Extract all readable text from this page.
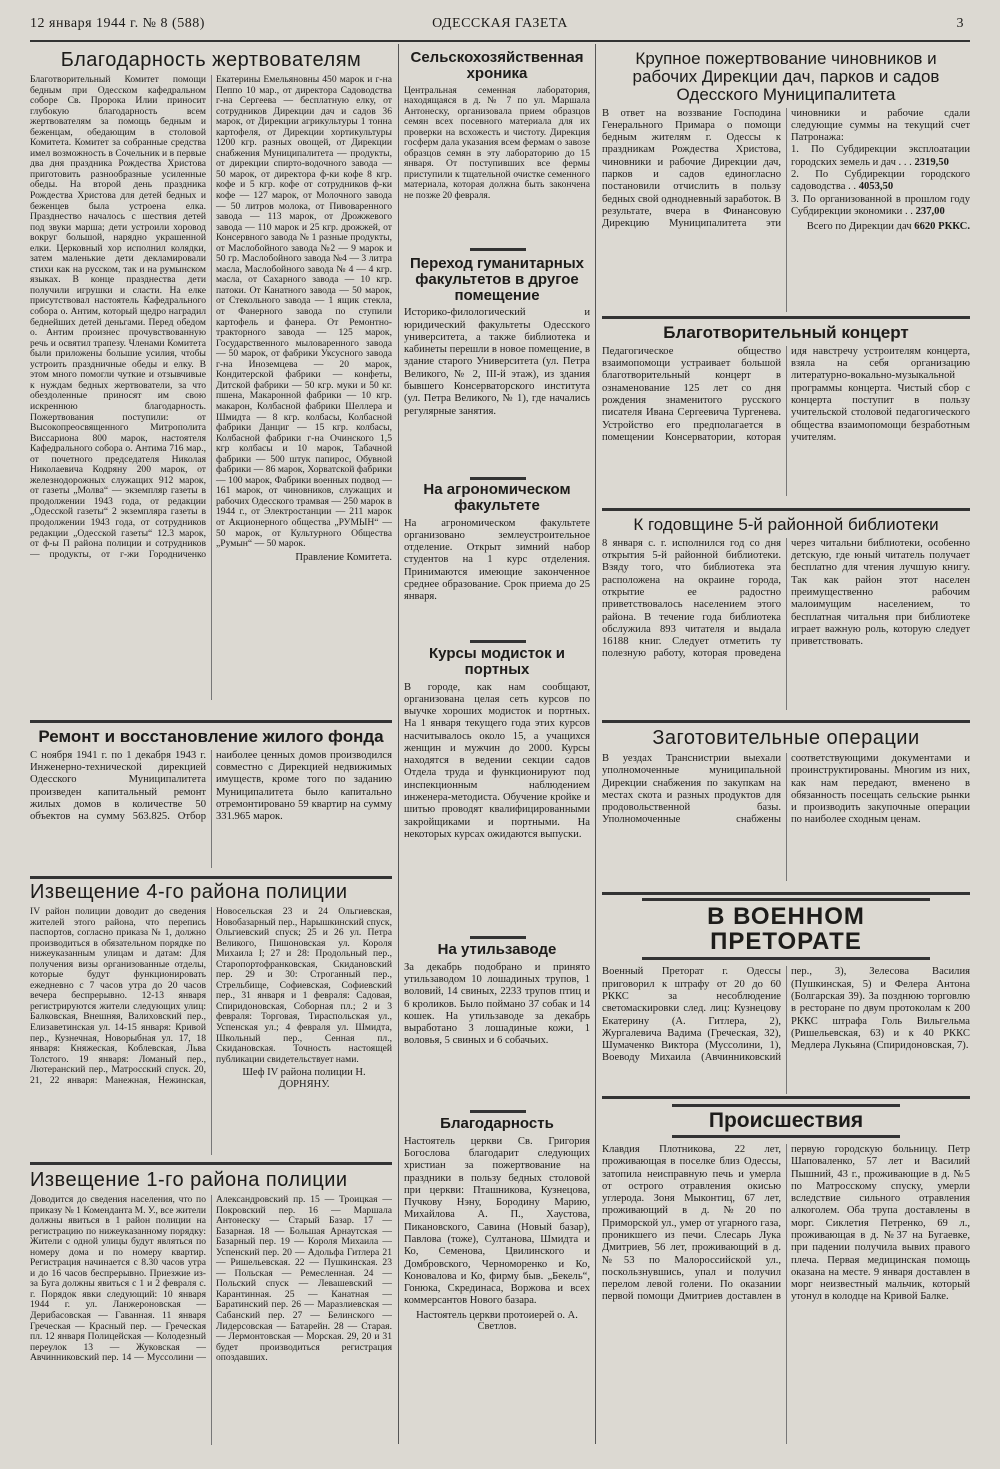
12 января 1944 г. № 8 (588)	ОДЕССКАЯ ГАЗЕТА	3
Благодарность жертвователям
Благотворительный Комитет помощи бедным при Одесском кафедральном соборе Св. Пророка Илии приносит глубокую благодарность всем жертвователям за помощь бедным и беженцам, обедающим в столовой Комитета. Комитет за собранные средства имел возможность в Сочельник и в первые два дня праздника Рождества Христова приготовить разнообразные усиленные обеды. На второй день праздника Рождества Христова для детей бедных и беженцев была устроена елка. Празднество началось с шествия детей под звуки марша; дети устроили хоровод вокруг большой, нарядно украшенной елки. Церковный хор исполнил колядки, затем маленькие дети декламировали стихи как на русском, так и на румынском языках. В конце празднества дети получили игрушки и сласти. На елке присутствовал настоятель Кафедрального собора о. Антим, который щедро наградил беднейших детей деньгами. Перед обедом о. Антим произнес прочувствованную речь и освятил трапезу. Членами Комитета были приложены большие усилия, чтобы устроить праздничные обеды и елку. В этом много помогли чуткие и отзывчивые к нуждам бедных жертвователи, за что обездоленные приносят им свою искреннюю благодарность. Пожертвования поступили: от Высокопреосвященного Митрополита Виссариона 800 марок, настоятеля Кафедрального собора о. Антима 716 мар., от почетного председателя Николая Николаевича Кодряну 200 марок, от железнодорожных служащих 912 марок, от газеты „Молва“ — экземпляр газеты в продолжении 1943 года, от редакции „Одесской газеты“ 2 экземпляра газеты в продолжении 1943 года, от сотрудников редакции „Одесской газеты“ 12.3 марок, от ф-ы П районa полиции и сотрудников — продукты, от г-жи Городниченко Екатерины Емельяновны 450 марок и г-на Пеппо 10 мар., от директора Садоводства г-на Сергеева — бесплатную елку, от сотрудников Дирекции дач и садов 36 марок, от Дирекции агрикультуры 1 тонна картофеля, от Дирекции хортикультуры 1200 кгр. разных овощей, от Дирекции снабжения Муниципалитета — продукты, от дирекции спирто-водочного завода — 50 марок, от директора ф-ки кофе 8 кгр. кофе и 5 кгр. кофе от сотрудников ф-ки кофе — 127 марок, от Молочного завода — 50 литров молока, от Пивоваренного завода — 113 марок, от Дрожжевого завода — 110 марок и 25 кгр. дрожжей, от Консервного завода № 1 разные продукты, от Маслобойного завода №2 — 9 марок и 50 гр. Маслобойного завода №4 — 3 литра масла, Маслобойного завода № 4 — 4 кгр. масла, от Сахарного завода — 10 кгр. патоки. От Канатного завода — 50 марок, от Стекольного завода — 1 ящик стекла, от Фанерного завода по ступили картофель и фанера. От Ремонтно-тракторного завода — 125 марок, Государственного мыловаренного завода — 50 марок, от фабрики Уксусного завода г-на Иноземцева — 20 марок, Кондитерской фабрики — конфеты, Дитской фабрики — 50 кгр. муки и 50 кг. пшена, Макаронной фабрики — 10 кгр. макарон, Колбасной фабрики Шеллера и Шмидта — 8 кгр. колбасы, Колбасной фабрики Данциг — 15 кгр. колбасы, Колбасной фабрики г-на Очинского 1,5 кгр колбасы и 10 марок, Табачной фабрики — 500 штук папирос, Обувной фабрики — 86 марок, Хорватской фабрики — 100 марок, Фабрики военных подвод — 161 марок, от чиновников, служащих и рабочих Одесского трамвая — 250 марок в 1944 г., от Электростанции — 211 марок от Акционерного общества „РУМЫН“ — 50 марок, от Культурного Общества „Румын“ — 50 марок.
Правление Комитета.
Ремонт и восстановление жилого фонда
С ноября 1941 г. по 1 декабря 1943 г. Инженерно-технической дирекцией Одесского Муниципалитета произведен капитальный ремонт жилых домов в количестве 50 объектов на сумму 563.825. Отбор наиболее ценных домов производился совместно с Дирекцией недвижимых имуществ, кроме того по заданию Муниципалитета было капитально отремонтировано 59 квартир на сумму 331.965 марок.
Извещение 4-го района полиции
IV район полиции доводит до сведения жителей этого района, что перепись паспортов, согласно приказа № 1, должно производиться в обязательном порядке по нижеуказанным улицам и датам: Для получения визы организованные отделы, которые будут функционировать ежедневно с 7 часов утра до 20 часов вечера беспрерывно. 12-13 января регистрируются жители следующих улиц: Балковская, Внешняя, Валиховский пер., Елизаветинская ул. 14-15 января: Кривой пер., Кузнечная, Новорыбная ул. 17, 18 января: Княжеская, Коблевская, Льва Толстого. 19 января: Ломаный пер., Лютеранский пер., Матросский спуск. 20, 21, 22 января: Манежная, Нежинская, Новосельская 23 и 24 Ольгиевская, Новобазарный пер., Нарышкинский спуск, Ольгиевский спуск; 25 и 26 ул. Петра Великого, Пишоновская ул. Короля Михаила I; 27 и 28: Продольный пер., Старопортофранковская, Скидановский пер. 29 и 30: Строганный пер., Стрельбище, Софиевская, Софиевский пер., 31 января и 1 февраля: Садовая, Спиридоновская, Соборная пл.; 2 и 3 февраля: Торговая, Тираспольская ул., Успенская ул.; 4 февраля ул. Шмидта, Школьный пер., Сенная пл., Скидановская. Точность настоящей публикации свидетельствует нами.
Шеф IV района полиции Н. ДОРНЯНУ.
Извещение 1-го района полиции
Доводится до сведения населения, что по приказу № 1 Коменданта М. У., все жители должны явиться в 1 район полиции на регистрацию по нижеуказанному порядку: Жители с одной улицы будут являться по номеру дома и по номеру квартир. Регистрация начинается с 8.30 часов утра и до 16 часов беспрерывно. Приезжие из-за Буга должны явиться с 1 и 2 февраля с. г. Порядок явки следующий: 10 января 1944 г. ул. Ланжероновская — Дерибасовская — Гаванная. 11 января Греческая — Красный пер. — Греческая пл. 12 января Полицейская — Колодезный переулок 13 — Жуковская — Авчинниковский пер. 14 — Муссолини — Александровский пр. 15 — Троицкая — Покровский пер. 16 — Маршала Антонеску — Старый Базар. 17 — Базарная. 18 — Большая Арнаутская — Базарный пер. 19 — Короля Михаила — Успенский пер. 20 — Адольфа Гитлера 21 — Ришельевская. 22 — Пушкинская. 23 — Польская — Ремесленная. 24 — Польский спуск — Левашевский — Карантинная. 25 — Канатная — Баратинский пер. 26 — Маразлиевская — Сабанский пер. 27 — Белинского — Лидерсовская — Батарейн. 28 — Старая. — Лермонтовская — Морская. 29, 20 и 31 будет производиться регистрация опоздавших.
Сельскохозяйственная хроника
Центральная семенная лаборатория, находящаяся в д. № 7 по ул. Маршала Антонеску, организовала прием образцов семян всех посевного материала для их проверки на всхожесть и чистоту. Дирекция госферм дала указания всем фермам о завозе образцов семян в эту лабораторию до 15 января. От поступивших все фермы приступили к тщательной очистке семенного материала, которая должна быть закончена не позже 20 февраля.
Переход гуманитарных факультетов в другое помещение
Историко-филологический и юридический факультеты Одесского университета, а также библиотека и кабинеты перешли в новое помещение, в здание старого Университета (ул. Петра Великого, № 2, III-й этаж), из здания бывшего Консерваторского института (ул. Петра Великого, № 1), где начались регулярные занятия.
На агрономическом факультете
На агрономическом факультете организовано землеустроительное отделение. Открыт зимний набор студентов на 1 курс отделения. Принимаются имеющие законченное среднее образование. Срок приема до 25 января.
Курсы модисток и портных
В городе, как нам сообщают, организована целая сеть курсов по выучке хороших модисток и портных. На 1 января текущего года этих курсов насчитывалось около 15, а учащихся женщин и мужчин до 2000. Курсы находятся в ведении секции садов Отдела труда и функционируют под инспекционным наблюдением инженера-методиста. Обучение кройке и шитью проводят квалифицированными закройщиками и портными. На некоторых курсах ожидаются выпуски.
На утильзаводе
За декабрь подобрано и принято утильзаводом 10 лошадиных трупов, 1 воловий, 14 свиных, 2233 трупов птиц и 6 кроликов. Было поймано 37 собак и 14 кошек. На утильзаводе за декабрь выработано 3 лошадиные кожи, 1 воловья, 5 свиных и 6 собачьих.
Благодарность
Настоятель церкви Св. Григория Богослова благодарит следующих христиан за пожертвование на праздники в пользу бедных столовой при церкви: Пташникова, Кузнецова, Пучкову Нэну, Бородину Марию, Михайлова А. П., Хаустова, Пикановского, Савина (Новый базар), Павлова (тоже), Султанова, Шмидта и Ко, Семенова, Цвилинского и Домбровского, Черноморенко и Ко, Коновалова и Ко, фирму быв. „Бекель“, Гонюка, Скрединаса, Воржова и всех коммерсантов Нового базара.
Настоятель церкви протоиерей о. А. Светлов.
Крупное пожертвование чиновников и рабочих Дирекции дач, парков и садов Одесского Муниципалитета
В ответ на воззвание Господина Генерального Примара о помощи бедным жителям г. Одессы к праздникам Рождества Христова, чиновники и рабочие Дирекции дач, парков и садов единогласно постановили отчислить в пользу бедных свой однодневный заработок. В результате, вчера в Финансовую Дирекцию Муниципалитета эти чиновники и рабочие сдали следующие суммы на текущий счет Патронажа:
1. По Субдирекции эксплоатации городских земель и дач . . . 2319,50
2. По Субдирекции городского садоводства . . 4053,50
3. По организованной в прошлом году Субдирекции экономики . . 237,00
Всего по Дирекции дач 6620 РККС.
Благотворительный концерт
Педагогическое общество взаимопомощи устраивает большой благотворительный концерт в ознаменование 125 лет со дня рождения знаменитого русского писателя Ивана Сергеевича Тургенева. Устройство его предполагается в помещении Консерватории, которая идя навстречу устроителям концерта, взяла на себя организацию литературно-вокально-музыкальной программы концерта. Чистый сбор с концерта поступит в пользу учительской столовой педагогического общества взаимопомощи безработным учителям.
К годовщине 5-й районной библиотеки
8 января с. г. исполнился год со дня открытия 5-й районной библиотеки. Взяду того, что библиотека эта расположена на окраине города, открытие ее радостно приветствовалось населением этого района. В течение года библиотека обслужила 893 читателя и выдала 16188 книг. Следует отметить ту полезную работу, которая проведена через читальни библиотеки, особенно детскую, где юный читатель получает бесплатно для чтения лучшую книгу. Так как район этот населен преимущественно рабочим малоимущим населением, то бесплатная читальня при библиотеке играет важную роль, которую следует приветствовать.
Заготовительные операции
В уездах Транснистрии выехали уполномоченные муниципальной Дирекции снабжения по закупкам на местах скота и разных продуктов для продовольственной базы. Уполномоченные снабжены соответствующими документами и проинструктированы. Многим из них, как нам передают, вменено в обязанность посещать сельские рынки и производить закупочные операции по наиболее сходным ценам.
В ВОЕННОМ ПРЕТОРАТЕ
Военный Преторат г. Одессы приговорил к штрафу от 20 до 60 РККС за несоблюдение светомаскировки след. лиц: Кузнецову Екатерину (А. Гитлера, 2), Жургалевича Вадима (Греческая, 32), Шумаченко Виктора (Муссолини, 1), Воеводу Михаила (Авчинниковский пер., 3), Зелесова Василия (Пушкинская, 5) и Фелера Антона (Болгарская 39). За позднюю торговлю в ресторане по двум протоколам к 200 РККС штрафа Голь Вильгельма (Ришельевская, 63) и к 40 РККС Медлера Лукьяна (Спиридоновская, 7).
Происшествия
Клавдия Плотникова, 22 лет, проживающая в поселке близ Одессы, затопила неисправную печь и умерла от острого отравления окисью углерода. Зоня Мыконтиц, 67 лет, проживающий в д. №20 по Приморской ул., умер от угарного газа, проникшего из печи. Слесарь Лука Дмитриев, 56 лет, проживающий в д. №53 по Малороссийской ул., поскользнувшись, упал и получил перелом левой голени. По оказании первой помощи Дмитриев доставлен в первую городскую больницу. Петр Шаповаленко, 57 лет и Василий Пышний, 43 г., проживающие в д. №5 по Матросскому спуску, умерли вследствие сильного отравления алкоголем. Оба трупа доставлены в морг. Сиклетия Петренко, 69 л., проживающая в д. №37 на Бугаевке, при падении получила вывих правого плеча. Первая медицинская помощь оказана на месте. 9 января доставлен в морг неизвестный мальчик, который утонул в колодце на Кривой Балке.
